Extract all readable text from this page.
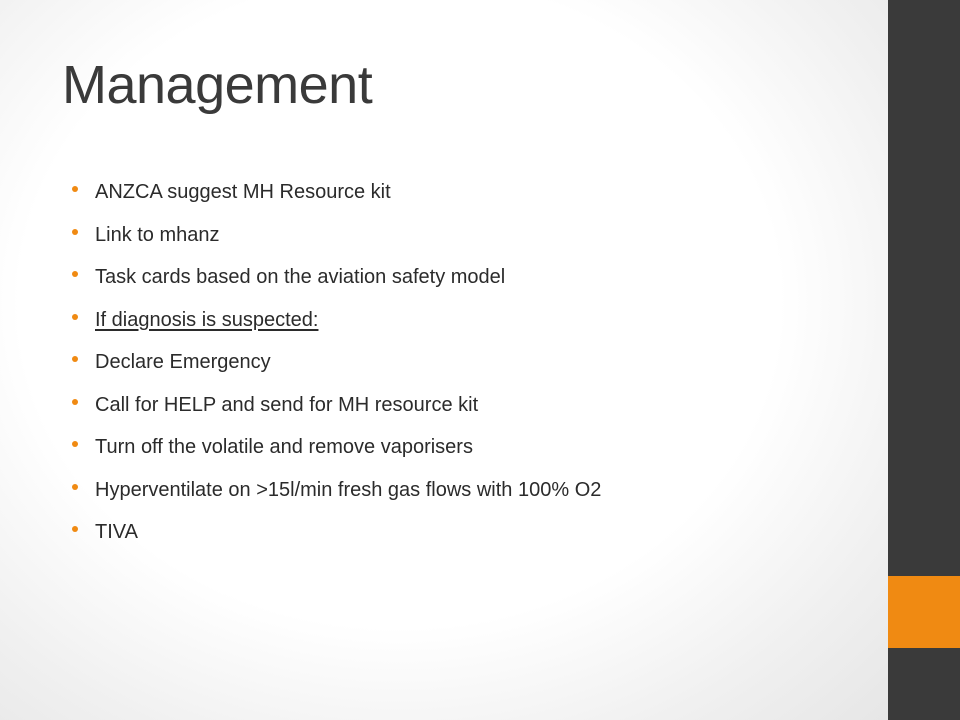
Management
ANZCA suggest MH Resource kit
Link to mhanz
Task cards based on the aviation safety model
If diagnosis is suspected:
Declare Emergency
Call for HELP and send for MH resource kit
Turn off the volatile and remove vaporisers
Hyperventilate on >15l/min fresh gas flows with 100% O2
TIVA
